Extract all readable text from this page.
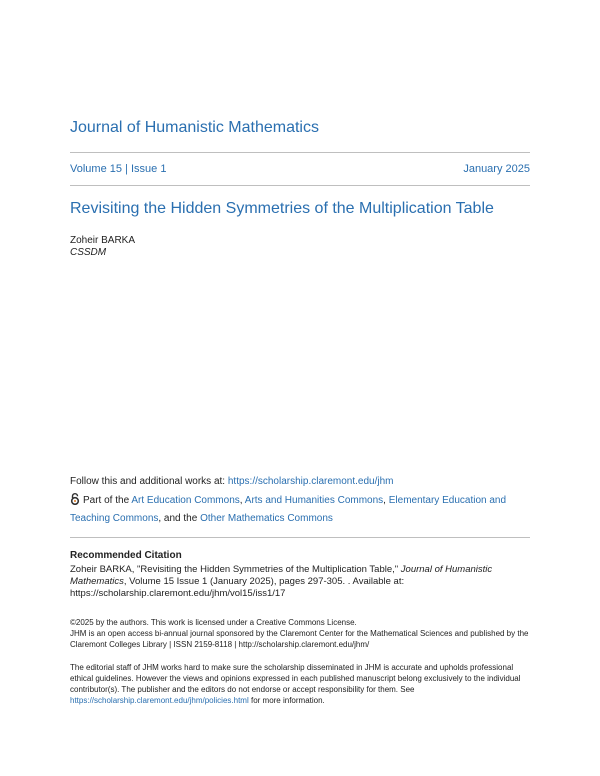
Journal of Humanistic Mathematics
Volume 15 | Issue 1	January 2025
Revisiting the Hidden Symmetries of the Multiplication Table
Zoheir BARKA
CSSDM
Follow this and additional works at: https://scholarship.claremont.edu/jhm
Part of the Art Education Commons, Arts and Humanities Commons, Elementary Education and Teaching Commons, and the Other Mathematics Commons
Recommended Citation
Zoheir BARKA, "Revisiting the Hidden Symmetries of the Multiplication Table," Journal of Humanistic Mathematics, Volume 15 Issue 1 (January 2025), pages 297-305. . Available at: https://scholarship.claremont.edu/jhm/vol15/iss1/17
©2025 by the authors. This work is licensed under a Creative Commons License.
JHM is an open access bi-annual journal sponsored by the Claremont Center for the Mathematical Sciences and published by the Claremont Colleges Library | ISSN 2159-8118 | http://scholarship.claremont.edu/jhm/
The editorial staff of JHM works hard to make sure the scholarship disseminated in JHM is accurate and upholds professional ethical guidelines. However the views and opinions expressed in each published manuscript belong exclusively to the individual contributor(s). The publisher and the editors do not endorse or accept responsibility for them. See https://scholarship.claremont.edu/jhm/policies.html for more information.
